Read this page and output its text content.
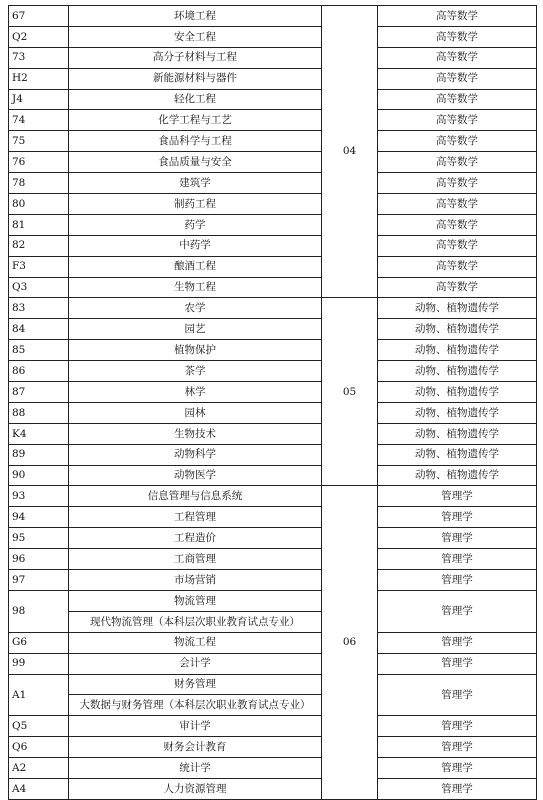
67	环境工程	04	高等数学
Q2	安全工程		高等数学
73	高分子材料与工程		高等数学
H2	新能源材料与器件		高等数学
J4	轻化工程		高等数学
74	化学工程与工艺		高等数学
75	食品科学与工程		高等数学
76	食品质量与安全		高等数学
78	建筑学		高等数学
80	制药工程		高等数学
81	药学		高等数学
82	中药学		高等数学
F3	酿酒工程		高等数学
Q3	生物工程		高等数学
83	农学	05	动物、植物遗传学
84	园艺		动物、植物遗传学
85	植物保护		动物、植物遗传学
86	茶学		动物、植物遗传学
87	林学		动物、植物遗传学
88	园林		动物、植物遗传学
K4	生物技术		动物、植物遗传学
89	动物科学		动物、植物遗传学
90	动物医学		动物、植物遗传学
93	信息管理与信息系统	06	管理学
94	工程管理		管理学
95	工程造价		管理学
96	工商管理		管理学
97	市场营销		管理学
98	物流管理		管理学
	现代物流管理（本科层次职业教育试点专业）		
G6	物流工程		管理学
99	会计学		管理学
A1	财务管理		管理学
	大数据与财务管理（本科层次职业教育试点专业）		
Q5	审计学		管理学
Q6	财务会计教育		管理学
A2	统计学		管理学
A4	人力资源管理		管理学
